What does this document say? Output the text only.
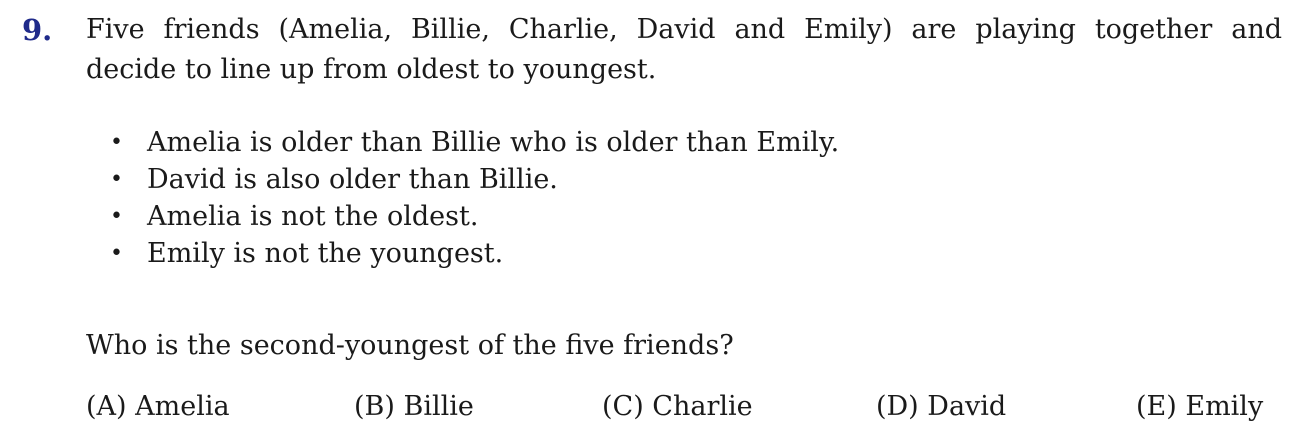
9. Five friends (Amelia, Billie, Charlie, David and Emily) are playing together and
decide to line up from oldest to youngest.
• Amelia is older than Billie who is older than Emily.
• David is also older than Billie.
• Amelia is not the oldest.
• Emily is not the youngest.
Who is the second-youngest of the five friends?
(A) Amelia	(B) Billie	(C) Charlie	(D) David	(E) Emily
